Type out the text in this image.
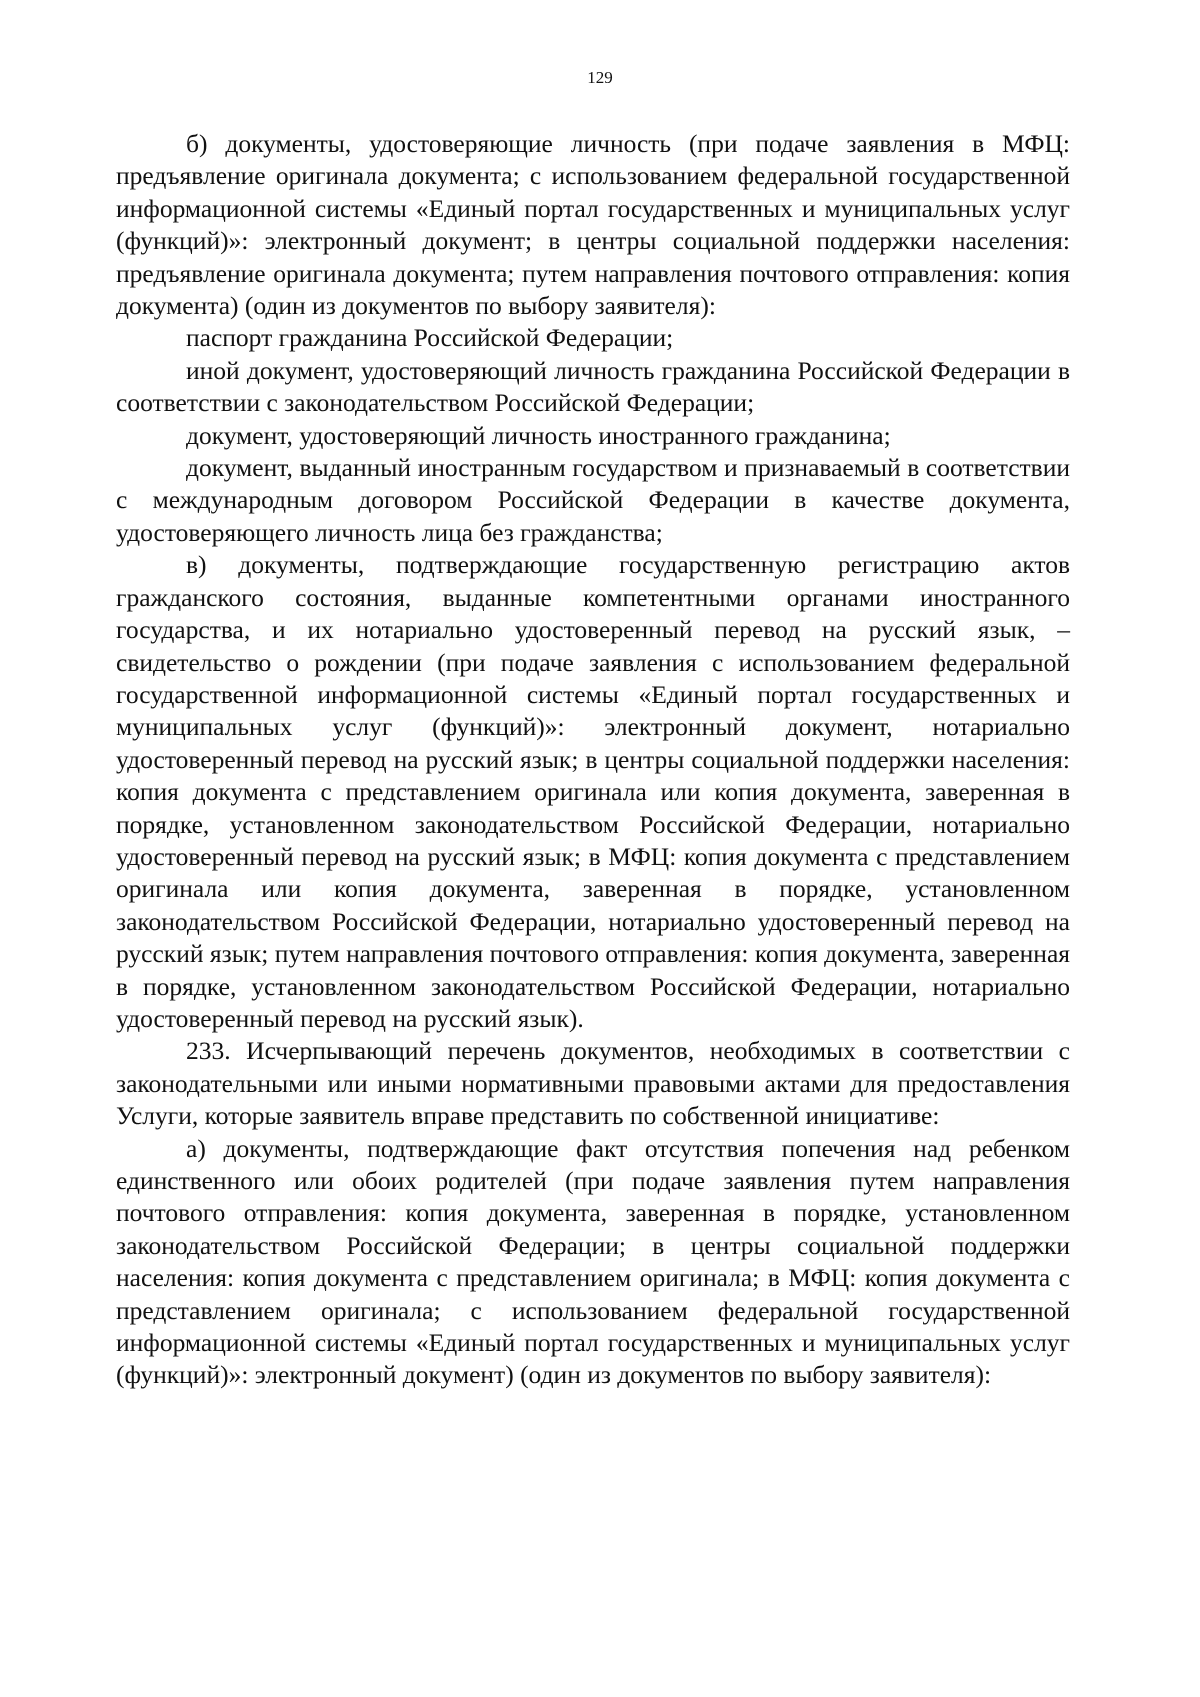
129

б) документы, удостоверяющие личность (при подаче заявления в МФЦ: предъявление оригинала документа; с использованием федеральной государственной информационной системы «Единый портал государственных и муниципальных услуг (функций)»: электронный документ; в центры социальной поддержки населения: предъявление оригинала документа; путем направления почтового отправления: копия документа) (один из документов по выбору заявителя):

паспорт гражданина Российской Федерации;

иной документ, удостоверяющий личность гражданина Российской Федерации в соответствии с законодательством Российской Федерации;

документ, удостоверяющий личность иностранного гражданина;

документ, выданный иностранным государством и признаваемый в соответствии с международным договором Российской Федерации в качестве документа, удостоверяющего личность лица без гражданства;

в) документы, подтверждающие государственную регистрацию актов гражданского состояния, выданные компетентными органами иностранного государства, и их нотариально удостоверенный перевод на русский язык, – свидетельство о рождении (при подаче заявления с использованием федеральной государственной информационной системы «Единый портал государственных и муниципальных услуг (функций)»: электронный документ, нотариально удостоверенный перевод на русский язык; в центры социальной поддержки населения: копия документа с представлением оригинала или копия документа, заверенная в порядке, установленном законодательством Российской Федерации, нотариально удостоверенный перевод на русский язык; в МФЦ: копия документа с представлением оригинала или копия документа, заверенная в порядке, установленном законодательством Российской Федерации, нотариально удостоверенный перевод на русский язык; путем направления почтового отправления: копия документа, заверенная в порядке, установленном законодательством Российской Федерации, нотариально удостоверенный перевод на русский язык).

233. Исчерпывающий перечень документов, необходимых в соответствии с законодательными или иными нормативными правовыми актами для предоставления Услуги, которые заявитель вправе представить по собственной инициативе:

а) документы, подтверждающие факт отсутствия попечения над ребенком единственного или обоих родителей (при подаче заявления путем направления почтового отправления: копия документа, заверенная в порядке, установленном законодательством Российской Федерации; в центры социальной поддержки населения: копия документа с представлением оригинала; в МФЦ: копия документа с представлением оригинала; с использованием федеральной государственной информационной системы «Единый портал государственных и муниципальных услуг (функций)»: электронный документ) (один из документов по выбору заявителя):
